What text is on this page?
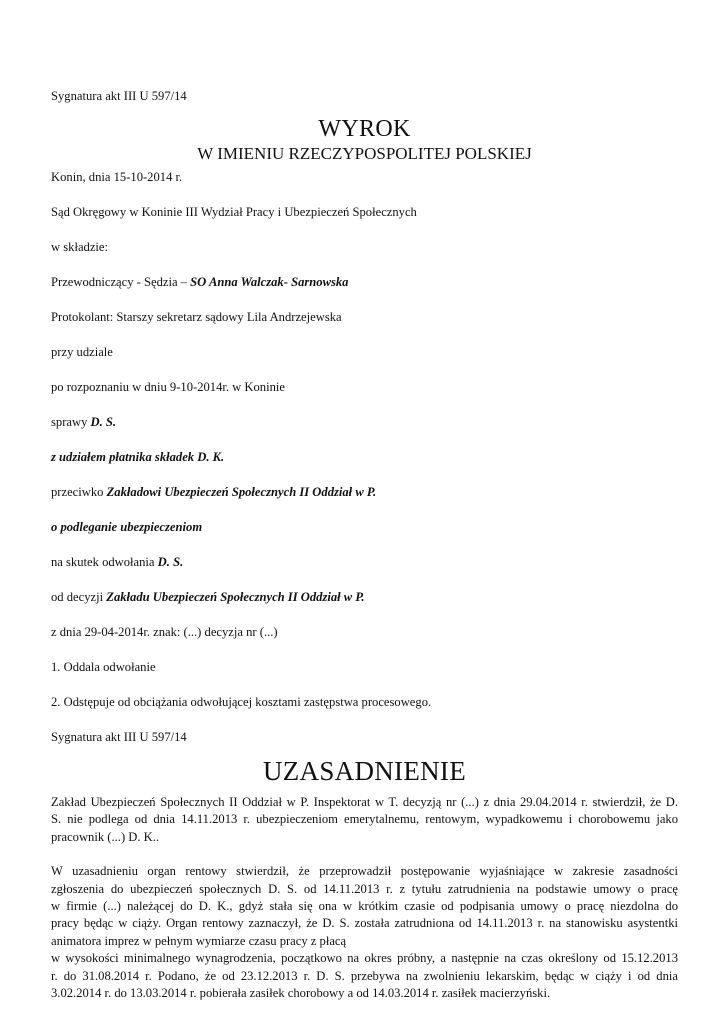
Sygnatura akt III U 597/14

WYROK

W IMIENIU RZECZYPOSPOLITEJ POLSKIEJ

Konin, dnia 15-10-2014 r.

Sąd Okręgowy w Koninie III Wydział Pracy i Ubezpieczeń Społecznych

w składzie:

Przewodniczący - Sędzia – SO Anna Walczak- Sarnowska

Protokolant: Starszy sekretarz sądowy Lila Andrzejewska

przy udziale

po rozpoznaniu w dniu 9-10-2014r. w Koninie

sprawy D. S.

z udziałem płatnika składek D. K.

przeciwko Zakładowi Ubezpieczeń Społecznych II Oddział w P.

o podleganie ubezpieczeniom

na skutek odwołania D. S.

od decyzji Zakładu Ubezpieczeń Społecznych II Oddział w P.

z dnia 29-04-2014r. znak: (...) decyzja nr (...)

1. Oddala odwołanie

2. Odstępuje od obciążania odwołującej kosztami zastępstwa procesowego.

Sygnatura akt III U 597/14

UZASADNIENIE

Zakład Ubezpieczeń Społecznych II Oddział w P. Inspektorat w T. decyzją nr (...) z dnia 29.04.2014 r. stwierdził, że D.
S. nie podlega od dnia 14.11.2013 r. ubezpieczeniom emerytalnemu, rentowym, wypadkowemu i chorobowemu jako
pracownik (...) D. K..
W uzasadnieniu organ rentowy stwierdził, że przeprowadził postępowanie wyjaśniające w zakresie zasadności
zgłoszenia do ubezpieczeń społecznych D. S. od 14.11.2013 r. z tytułu zatrudnienia na podstawie umowy o pracę
w firmie (...) należącej do D. K., gdyż stała się ona w krótkim czasie od podpisania umowy o pracę niezdolna do
pracy będąc w ciąży. Organ rentowy zaznaczył, że D. S. została zatrudniona od 14.11.2013 r. na stanowisku asystentki
animatora imprez w pełnym wymiarze czasu pracy z płacą
w wysokości minimalnego wynagrodzenia, początkowo na okres próbny, a następnie na czas określony od 15.12.2013
r. do 31.08.2014 r. Podano, że od 23.12.2013 r. D. S. przebywa na zwolnieniu lekarskim, będąc w ciąży i od dnia
3.02.2014 r. do 13.03.2014 r. pobierała zasiłek chorobowy a od 14.03.2014 r. zasiłek macierzyński.
